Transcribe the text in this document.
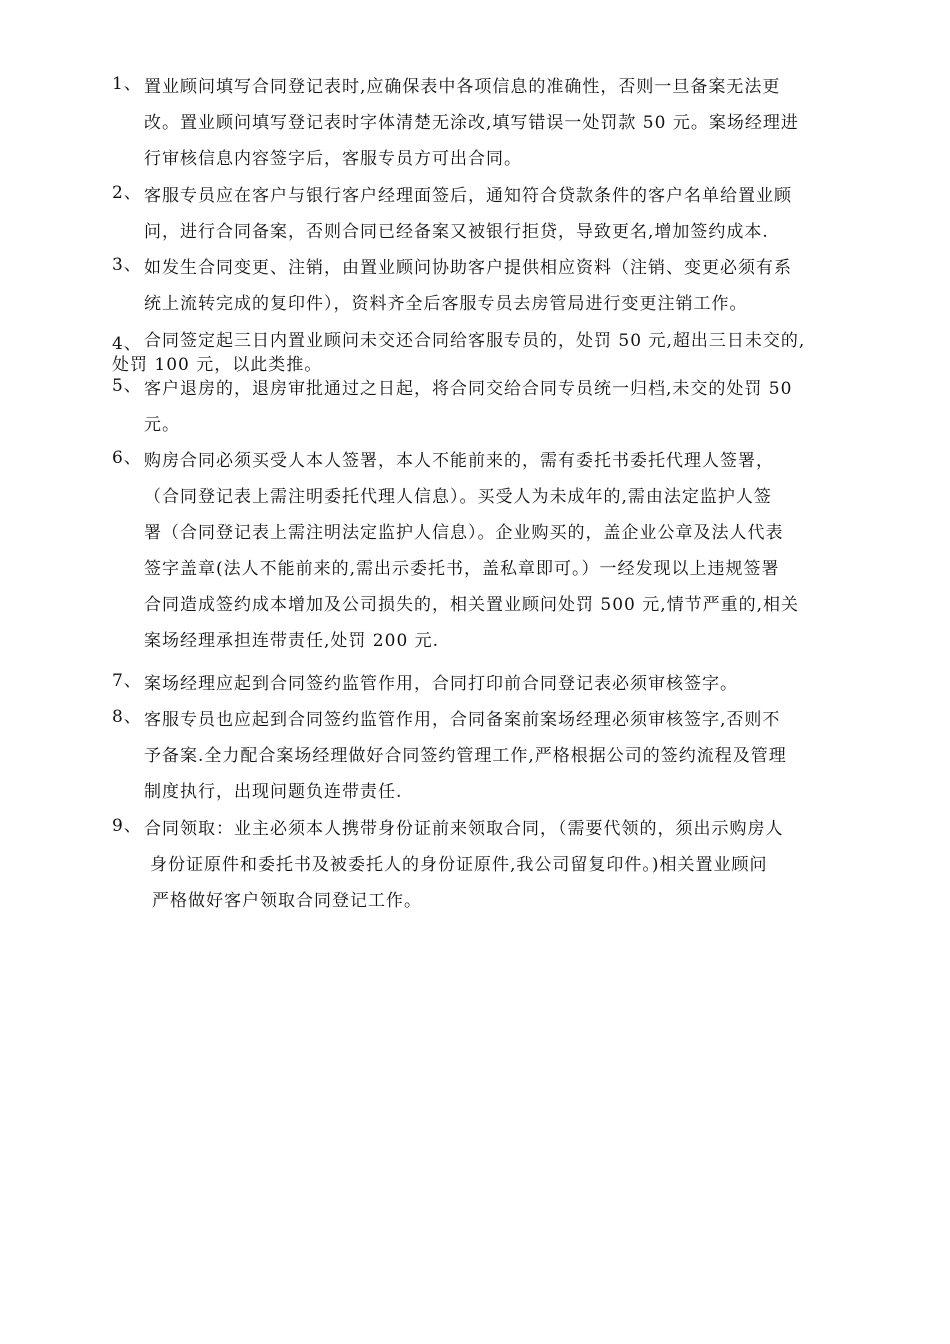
1、 置业顾问填写合同登记表时,应确保表中各项信息的准确性，否则一旦备案无法更
改。置业顾问填写登记表时字体清楚无涂改,填写错误一处罚款 50 元。案场经理进
行审核信息内容签字后，客服专员方可出合同。
2、 客服专员应在客户与银行客户经理面签后，通知符合贷款条件的客户名单给置业顾
问，进行合同备案，否则合同已经备案又被银行拒贷，导致更名,增加签约成本.
3、 如发生合同变更、注销，由置业顾问协助客户提供相应资料（注销、变更必须有系
统上流转完成的复印件），资料齐全后客服专员去房管局进行变更注销工作。
4、 合同签定起三日内置业顾问未交还合同给客服专员的，处罚 50 元,超出三日未交的,
处罚 100 元，以此类推。
5、 客户退房的，退房审批通过之日起，将合同交给合同专员统一归档,未交的处罚 50
元。
6、 购房合同必须买受人本人签署，本人不能前来的，需有委托书委托代理人签署，
（合同登记表上需注明委托代理人信息）。买受人为未成年的,需由法定监护人签
署（合同登记表上需注明法定监护人信息）。企业购买的，盖企业公章及法人代表
签字盖章(法人不能前来的,需出示委托书，盖私章即可。）一经发现以上违规签署
合同造成签约成本增加及公司损失的，相关置业顾问处罚 500 元,情节严重的,相关
案场经理承担连带责任,处罚 200 元.
7、 案场经理应起到合同签约监管作用，合同打印前合同登记表必须审核签字。
8、 客服专员也应起到合同签约监管作用，合同备案前案场经理必须审核签字,否则不
予备案.全力配合案场经理做好合同签约管理工作,严格根据公司的签约流程及管理
制度执行，出现问题负连带责任.
9、 合同领取：业主必须本人携带身份证前来领取合同，（需要代领的，须出示购房人
身份证原件和委托书及被委托人的身份证原件,我公司留复印件。)相关置业顾问
严格做好客户领取合同登记工作。
